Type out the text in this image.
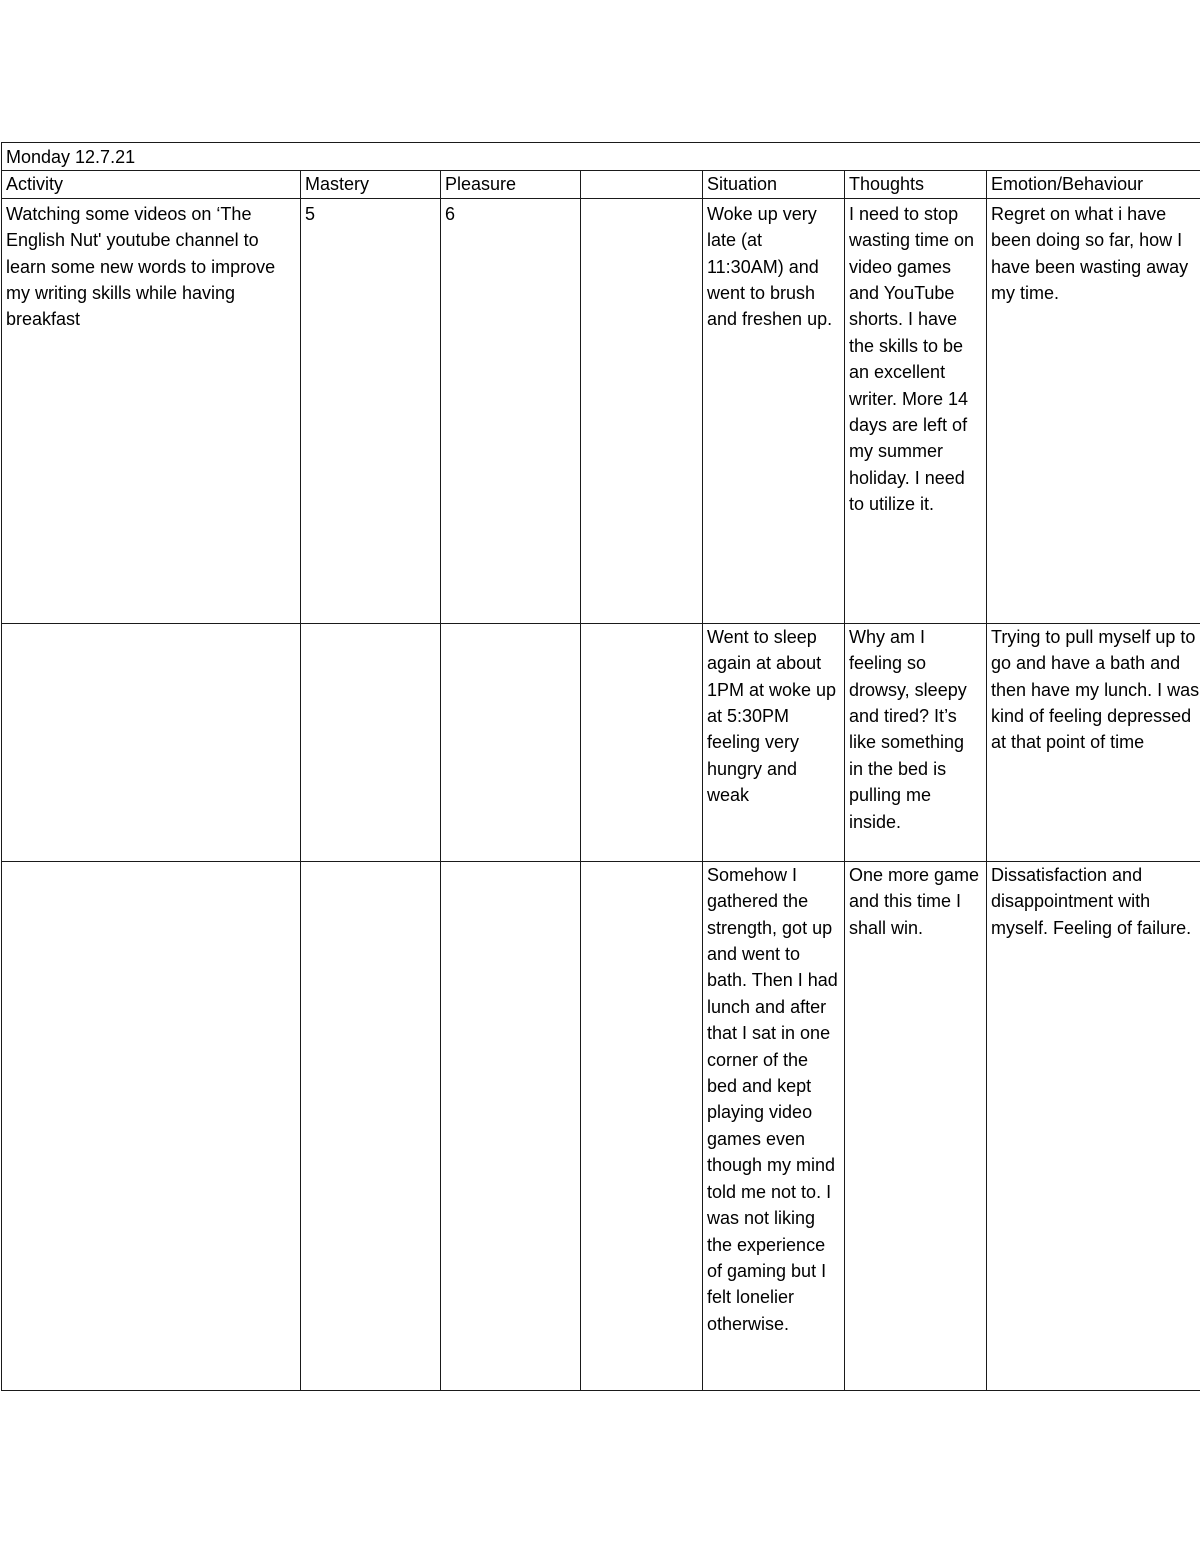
Monday 12.7.21						
Activity	Mastery	Pleasure		Situation	Thoughts	Emotion/Behaviour
Watching some videos on ‘The English Nut' youtube channel to learn some new words to improve my writing skills while having breakfast	5	6		Woke up very late (at 11:30AM) and went to brush and freshen up.	I need to stop wasting time on video games and YouTube shorts. I have the skills to be an excellent writer. More 14 days are left of my summer holiday. I need to utilize it.	Regret on what i have been doing so far, how I have been wasting away my time.
				Went to sleep again at about 1PM at woke up at 5:30PM feeling very hungry and weak	Why am I feeling so drowsy, sleepy and tired? It’s like something in the bed is pulling me inside.	Trying to pull myself up to go and have a bath and then have my lunch. I was kind of feeling depressed at that point of time
				Somehow I gathered the strength, got up and went to bath. Then I had lunch and after that I sat in one corner of the bed and kept playing video games even though my mind told me not to. I was not liking the experience of gaming but I felt lonelier otherwise.	One more game and this time I shall win.	Dissatisfaction and disappointment with myself. Feeling of failure.
